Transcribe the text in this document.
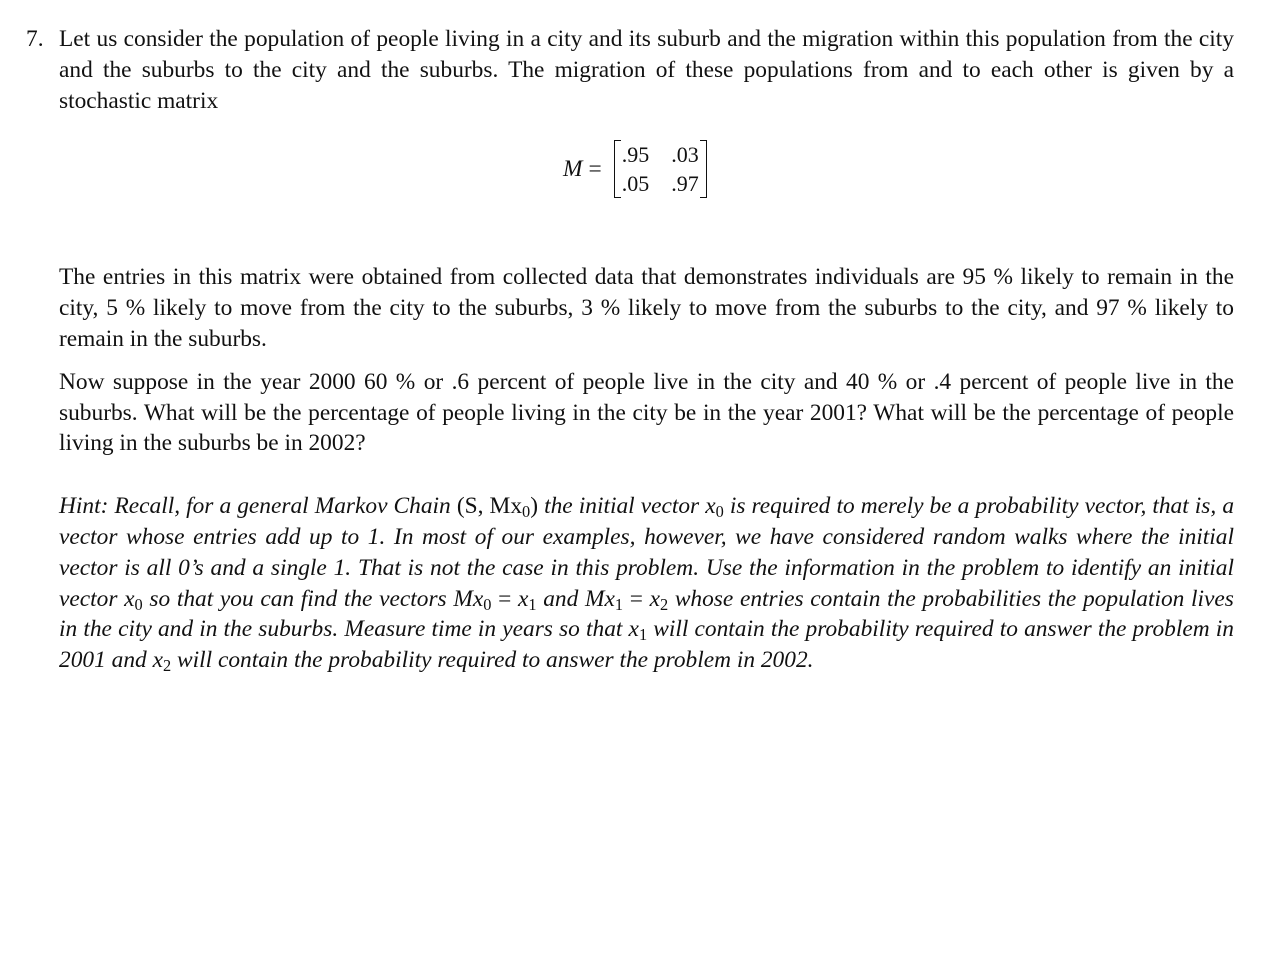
7. Let us consider the population of people living in a city and its suburb and the migration within this population from the city and the suburbs to the city and the suburbs. The migration of these populations from and to each other is given by a stochastic matrix

M =
.95 .03
.05 .97

The entries in this matrix were obtained from collected data that demonstrates individuals are 95 % likely to remain in the city, 5 % likely to move from the city to the suburbs, 3 % likely to move from the suburbs to the city, and 97 % likely to remain in the suburbs.

Now suppose in the year 2000 60 % or .6 percent of people live in the city and 40 % or .4 percent of people live in the suburbs. What will be the percentage of people living in the city be in the year 2001? What will be the percentage of people living in the suburbs be in 2002?

Hint: Recall, for a general Markov Chain (S, $Mx_0$) the initial vector $x_0$ is required to merely be a probability vector, that is, a vector whose entries add up to 1. In most of our examples, however, we have considered random walks where the initial vector is all 0’s and a single 1. That is not the case in this problem. Use the information in the problem to identify an initial vector $x_0$ so that you can find the vectors $Mx_0 = x_1$ and $Mx_1 = x_2$ whose entries contain the probabilities the population lives in the city and in the suburbs. Measure time in years so that $x_1$ will contain the probability required to answer the problem in 2001 and $x_2$ will contain the probability required to answer the problem in 2002.
